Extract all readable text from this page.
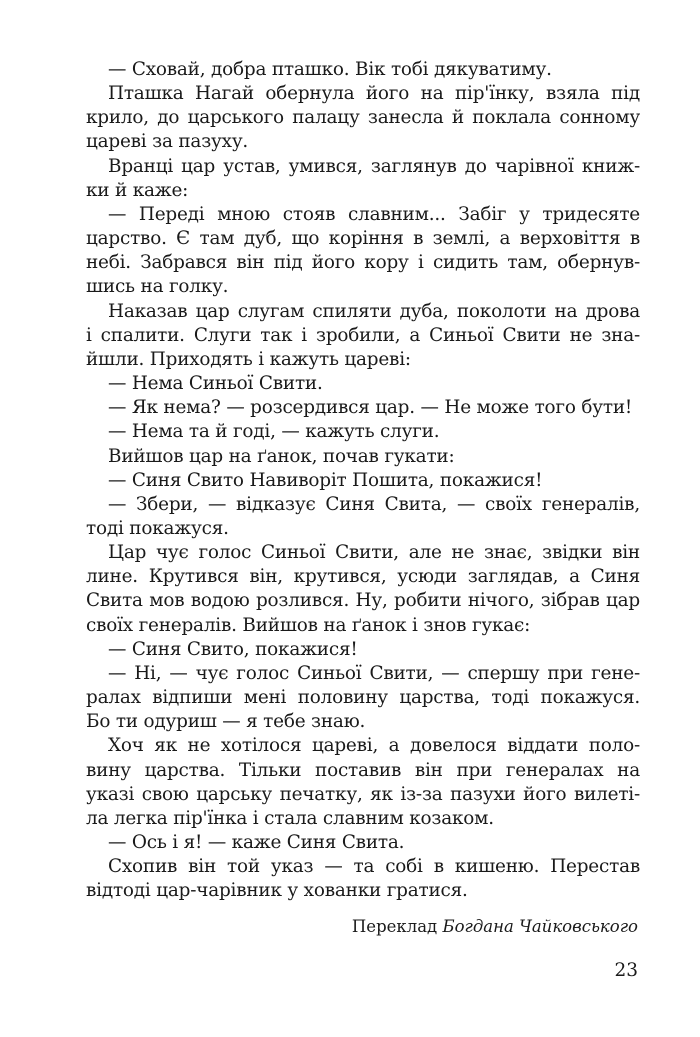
— Сховай, добра пташко. Вік тобі дякуватиму.
Пташка Нагай обернула його на пір'їнку, взяла під
крило, до царського палацу занесла й поклала сонному
цареві за пазуху.
Вранці цар устав, умився, заглянув до чарівної книж-
ки й каже:
— Переді мною стояв славним... Забіг у тридесяте
царство. Є там дуб, що коріння в землі, а верховіття в
небі. Забрався він під його кору і сидить там, обернув-
шись на голку.
Наказав цар слугам спиляти дуба, поколоти на дрова
і спалити. Слуги так і зробили, а Синьої Свити не зна-
йшли. Приходять і кажуть цареві:
— Нема Синьої Свити.
— Як нема? — розсердився цар. — Не може того бути!
— Нема та й годі, — кажуть слуги.
Вийшов цар на ґанок, почав гукати:
— Синя Свито Навиворіт Пошита, покажися!
— Збери, — відказує Синя Свита, — своїх генералів,
тоді покажуся.
Цар чує голос Синьої Свити, але не знає, звідки він
лине. Крутився він, крутився, усюди заглядав, а Синя
Свита мов водою розлився. Ну, робити нічого, зібрав цар
своїх генералів. Вийшов на ґанок і знов гукає:
— Синя Свито, покажися!
— Ні, — чує голос Синьої Свити, — спершу при гене-
ралах відпиши мені половину царства, тоді покажуся.
Бо ти одуриш — я тебе знаю.
Хоч як не хотілося цареві, а довелося віддати поло-
вину царства. Тільки поставив він при генералах на
указі свою царську печатку, як із-за пазухи його вилеті-
ла легка пір'їнка і стала славним козаком.
— Ось і я! — каже Синя Свита.
Схопив він той указ — та собі в кишеню. Перестав
відтоді цар-чарівник у хованки гратися.
Переклад Богдана Чайковського
23
